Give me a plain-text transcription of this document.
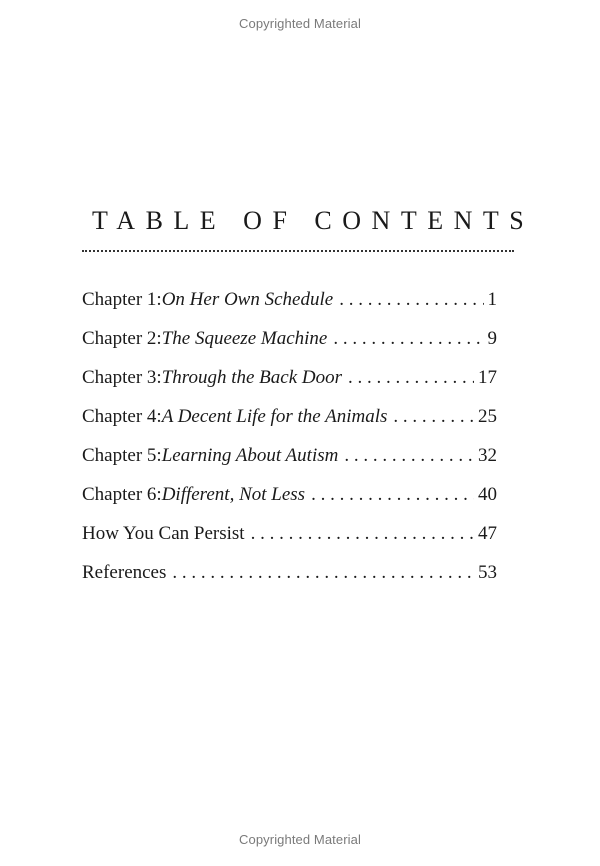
Copyrighted Material
TABLE OF CONTENTS
Chapter 1: On Her Own Schedule . . .	1
Chapter 2: The Squeeze Machine . . .	9
Chapter 3: Through the Back Door . . .	17
Chapter 4: A Decent Life for the Animals . . .	25
Chapter 5: Learning About Autism . . .	32
Chapter 6: Different, Not Less . . .	40
How You Can Persist . . .	47
References . . .	53
Copyrighted Material
